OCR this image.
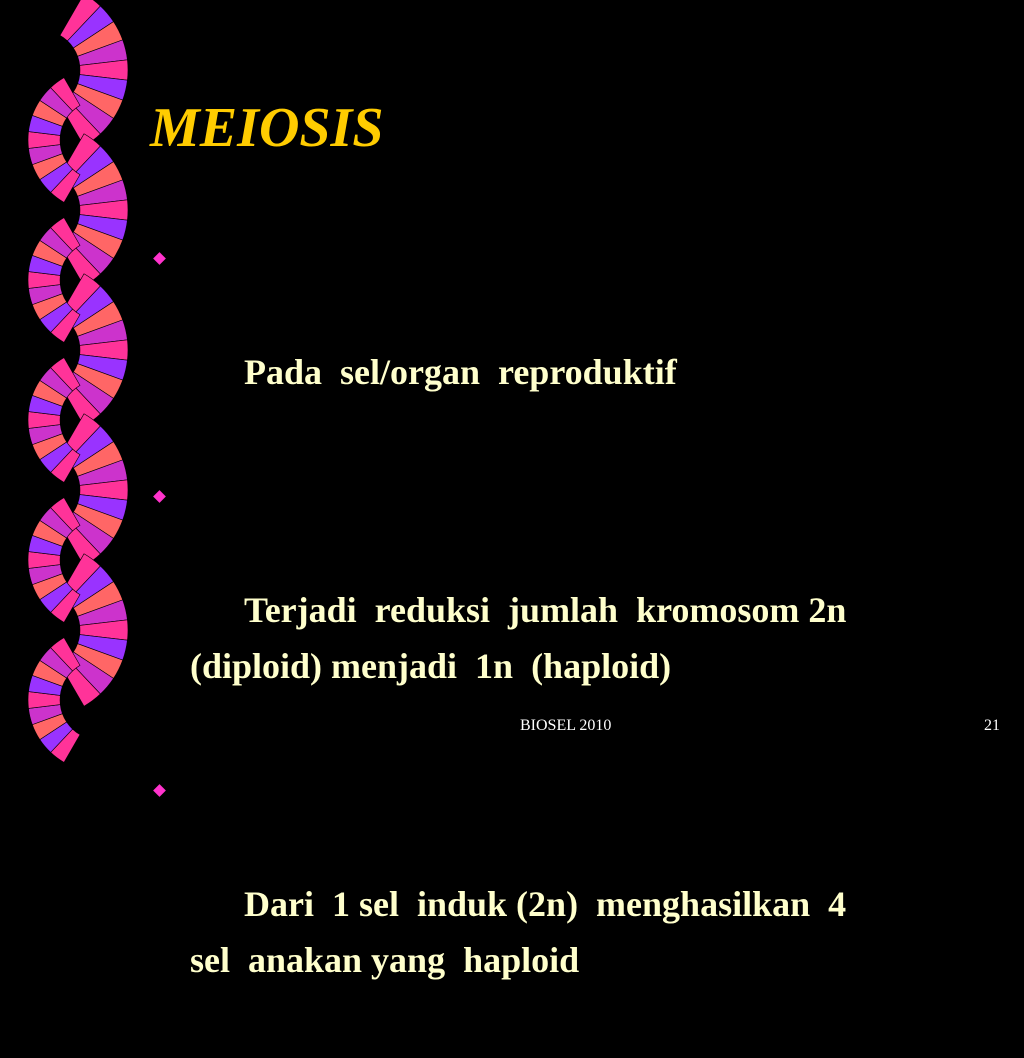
MEIOSIS

Pada  sel/organ  reproduktif

Terjadi  reduksi  jumlah  kromosom 2n
(diploid) menjadi  1n  (haploid)

Dari  1 sel  induk (2n)  menghasilkan  4
sel  anakan yang  haploid

BIOSEL 2010	21
